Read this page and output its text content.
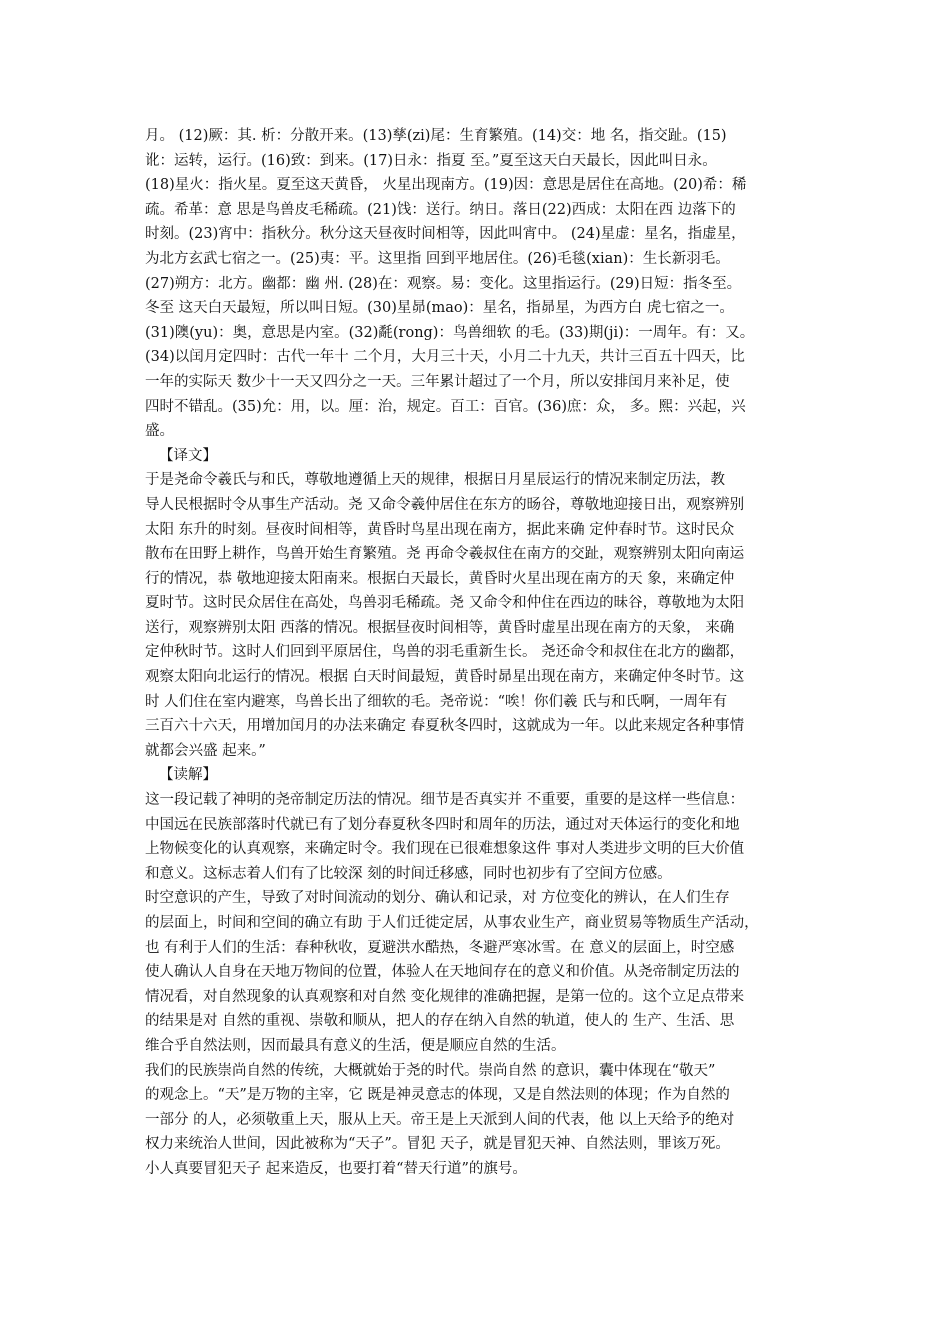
月。 (12)厥：其. 析：分散开来。(13)孳(zi)尾：生育繁殖。(14)交：地 名，指交趾。(15)
讹：运转，运行。(16)致：到来。(17)日永：指夏 至。”夏至这天白天最长，因此叫日永。
(18)星火：指火星。夏至这天黄昏， 火星出现南方。(19)因：意思是居住在高地。(20)希：稀
疏。希革：意 思是鸟兽皮毛稀疏。(21)饯：送行。纳日。落日(22)西成：太阳在西 边落下的
时刻。(23)宵中：指秋分。秋分这天昼夜时间相等，因此叫宵中。 (24)星虚：星名，指虚星，
为北方玄武七宿之一。(25)夷：平。这里指 回到平地居住。(26)毛毯(xian)：生长新羽毛。
(27)朔方：北方。幽都：幽 州. (28)在：观察。易：变化。这里指运行。(29)日短：指冬至。
冬至 这天白天最短，所以叫日短。(30)星昴(mao)：星名，指昴星，为西方白 虎七宿之一。
(31)隩(yu)：奥，意思是内室。(32)氄(rong)：鸟兽细软 的毛。(33)期(ji)：一周年。有：又。
(34)以闰月定四时：古代一年十 二个月，大月三十天，小月二十九天，共计三百五十四天，比
一年的实际天 数少十一天又四分之一天。三年累计超过了一个月，所以安排闰月来补足，使
四时不错乱。(35)允：用，以。厘：治，规定。百工：百官。(36)庶：众， 多。熙：兴起，兴
盛。

【译文】

于是尧命令羲氏与和氏，尊敬地遵循上天的规律，根据日月星辰运行的情况来制定历法，教
导人民根据时令从事生产活动。尧 又命令羲仲居住在东方的旸谷，尊敬地迎接日出，观察辨别
太阳 东升的时刻。昼夜时间相等，黄昏时鸟星出现在南方，据此来确 定仲春时节。这时民众
散布在田野上耕作，鸟兽开始生育繁殖。尧 再命令羲叔住在南方的交趾，观察辨别太阳向南运
行的情况，恭 敬地迎接太阳南来。根据白天最长，黄昏时火星出现在南方的天 象，来确定仲
夏时节。这时民众居住在高处，鸟兽羽毛稀疏。尧 又命令和仲住在西边的昧谷，尊敬地为太阳
送行，观察辨别太阳 西落的情况。根据昼夜时间相等，黄昏时虚星出现在南方的天象， 来确
定仲秋时节。这时人们回到平原居住，鸟兽的羽毛重新生长。 尧还命令和叔住在北方的幽都，
观察太阳向北运行的情况。根据 白天时间最短，黄昏时昴星出现在南方，来确定仲冬时节。这
时 人们住在室内避寒，鸟兽长出了细软的毛。尧帝说：“唉！你们羲 氏与和氏啊，一周年有
三百六十六天，用增加闰月的办法来确定 春夏秋冬四时，这就成为一年。以此来规定各种事情
就都会兴盛 起来。”

【读解】

这一段记载了神明的尧帝制定历法的情况。细节是否真实并 不重要，重要的是这样一些信息：
中国远在民族部落时代就已有了划分春夏秋冬四时和周年的历法，通过对天体运行的变化和地
上物候变化的认真观察，来确定时令。我们现在已很难想象这件 事对人类进步文明的巨大价值
和意义。这标志着人们有了比较深 刻的时间迁移感，同时也初步有了空间方位感。

时空意识的产生，导致了对时间流动的划分、确认和记录，对 方位变化的辨认，在人们生存
的层面上，时间和空间的确立有助 于人们迁徙定居，从事农业生产，商业贸易等物质生产活动，
也 有利于人们的生活：春种秋收，夏避洪水酷热，冬避严寒冰雪。在 意义的层面上，时空感
使人确认人自身在天地万物间的位置，体验人在天地间存在的意义和价值。从尧帝制定历法的
情况看，对自然现象的认真观察和对自然 变化规律的准确把握，是第一位的。这个立足点带来
的结果是对 自然的重视、崇敬和顺从，把人的存在纳入自然的轨道，使人的 生产、生活、思
维合乎自然法则，因而最具有意义的生活，便是顺应自然的生活。

我们的民族崇尚自然的传统，大概就始于尧的时代。崇尚自然 的意识，囊中体现在“敬天”
的观念上。“天”是万物的主宰，它 既是神灵意志的体现，又是自然法则的体现；作为自然的
一部分 的人，必须敬重上天，服从上天。帝王是上天派到人间的代表，他 以上天给予的绝对
权力来统治人世间，因此被称为“天子”。冒犯 天子，就是冒犯天神、自然法则，罪该万死。
小人真要冒犯天子 起来造反，也要打着“替天行道”的旗号。
